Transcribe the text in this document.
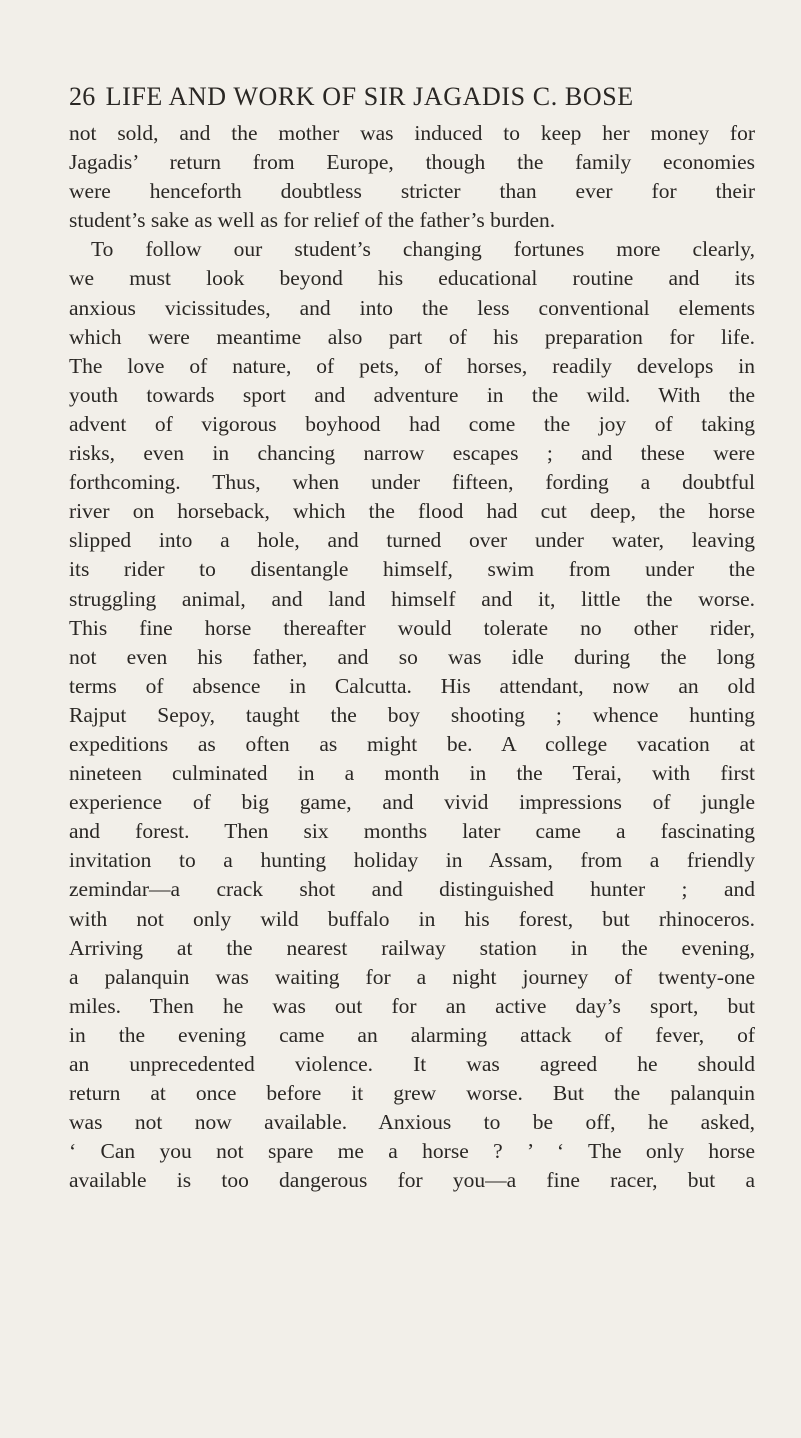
26 LIFE AND WORK OF SIR JAGADIS C. BOSE
not sold, and the mother was induced to keep her money for
Jagadis’ return from Europe, though the family economies
were henceforth doubtless stricter than ever for their
student’s sake as well as for relief of the father’s burden.
To follow our student’s changing fortunes more clearly,
we must look beyond his educational routine and its
anxious vicissitudes, and into the less conventional elements
which were meantime also part of his preparation for life.
The love of nature, of pets, of horses, readily develops in
youth towards sport and adventure in the wild. With the
advent of vigorous boyhood had come the joy of taking
risks, even in chancing narrow escapes ; and these were
forthcoming. Thus, when under fifteen, fording a doubtful
river on horseback, which the flood had cut deep, the horse
slipped into a hole, and turned over under water, leaving
its rider to disentangle himself, swim from under the
struggling animal, and land himself and it, little the worse.
This fine horse thereafter would tolerate no other rider,
not even his father, and so was idle during the long
terms of absence in Calcutta. His attendant, now an old
Rajput Sepoy, taught the boy shooting ; whence hunting
expeditions as often as might be. A college vacation at
nineteen culminated in a month in the Terai, with first
experience of big game, and vivid impressions of jungle
and forest. Then six months later came a fascinating
invitation to a hunting holiday in Assam, from a friendly
zemindar—a crack shot and distinguished hunter ; and
with not only wild buffalo in his forest, but rhinoceros.
Arriving at the nearest railway station in the evening,
a palanquin was waiting for a night journey of twenty-one
miles. Then he was out for an active day’s sport, but
in the evening came an alarming attack of fever, of
an unprecedented violence. It was agreed he should
return at once before it grew worse. But the palanquin
was not now available. Anxious to be off, he asked,
‘ Can you not spare me a horse ? ’ ‘ The only horse
available is too dangerous for you—a fine racer, but a
